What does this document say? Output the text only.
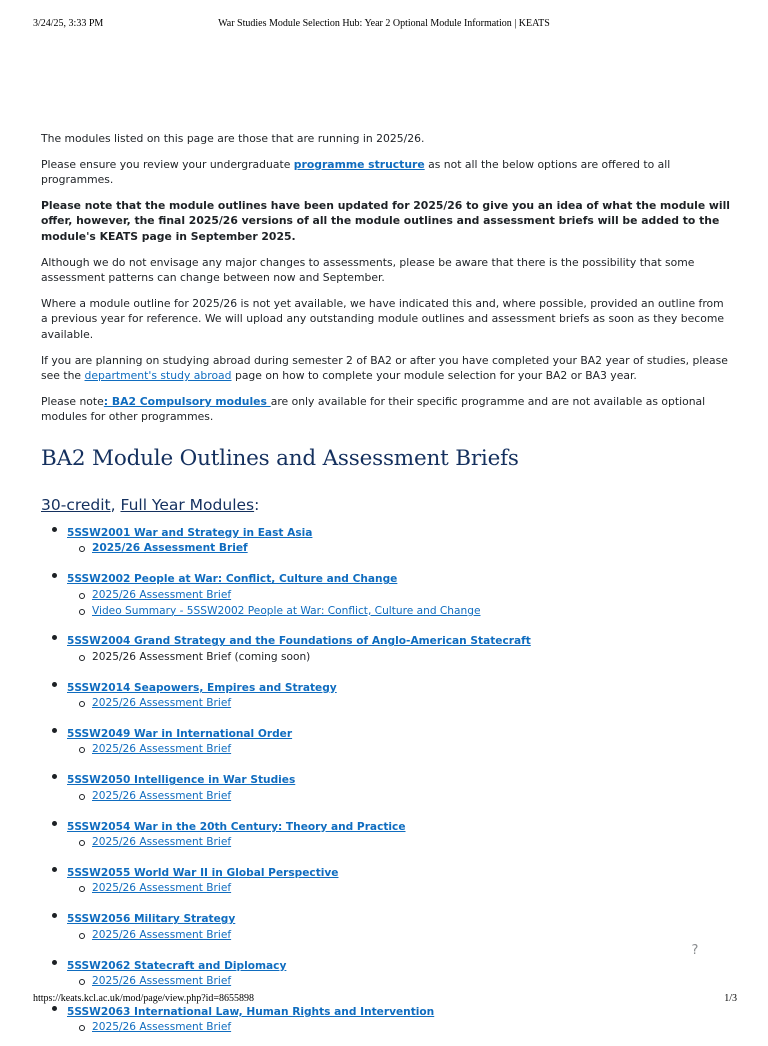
3/24/25, 3:33 PM	War Studies Module Selection Hub: Year 2 Optional Module Information | KEATS

The modules listed on this page are those that are running in 2025/26.

Please ensure you review your undergraduate programme structure as not all the below options are offered to all programmes.

Please note that the module outlines have been updated for 2025/26 to give you an idea of what the module will offer, however, the final 2025/26 versions of all the module outlines and assessment briefs will be added to the module's KEATS page in September 2025.

Although we do not envisage any major changes to assessments, please be aware that there is the possibility that some assessment patterns can change between now and September.

Where a module outline for 2025/26 is not yet available, we have indicated this and, where possible, provided an outline from a previous year for reference. We will upload any outstanding module outlines and assessment briefs as soon as they become available.

If you are planning on studying abroad during semester 2 of BA2 or after you have completed your BA2 year of studies, please see the department's study abroad page on how to complete your module selection for your BA2 or BA3 year.

Please note: BA2 Compulsory modules are only available for their specific programme and are not available as optional modules for other programmes.

BA2 Module Outlines and Assessment Briefs
30-credit, Full Year Modules:
5SSW2001 War and Strategy in East Asia
2025/26 Assessment Brief
5SSW2002 People at War: Conflict, Culture and Change
2025/26 Assessment Brief
Video Summary - 5SSW2002 People at War: Conflict, Culture and Change
5SSW2004 Grand Strategy and the Foundations of Anglo-American Statecraft
2025/26 Assessment Brief (coming soon)
5SSW2014 Seapowers, Empires and Strategy
2025/26 Assessment Brief
5SSW2049 War in International Order
2025/26 Assessment Brief
5SSW2050 Intelligence in War Studies
2025/26 Assessment Brief
5SSW2054 War in the 20th Century: Theory and Practice
2025/26 Assessment Brief
5SSW2055 World War II in Global Perspective
2025/26 Assessment Brief
5SSW2056 Military Strategy
2025/26 Assessment Brief
5SSW2062 Statecraft and Diplomacy
2025/26 Assessment Brief
5SSW2063 International Law, Human Rights and Intervention
2025/26 Assessment Brief
?
https://keats.kcl.ac.uk/mod/page/view.php?id=8655898	1/3
